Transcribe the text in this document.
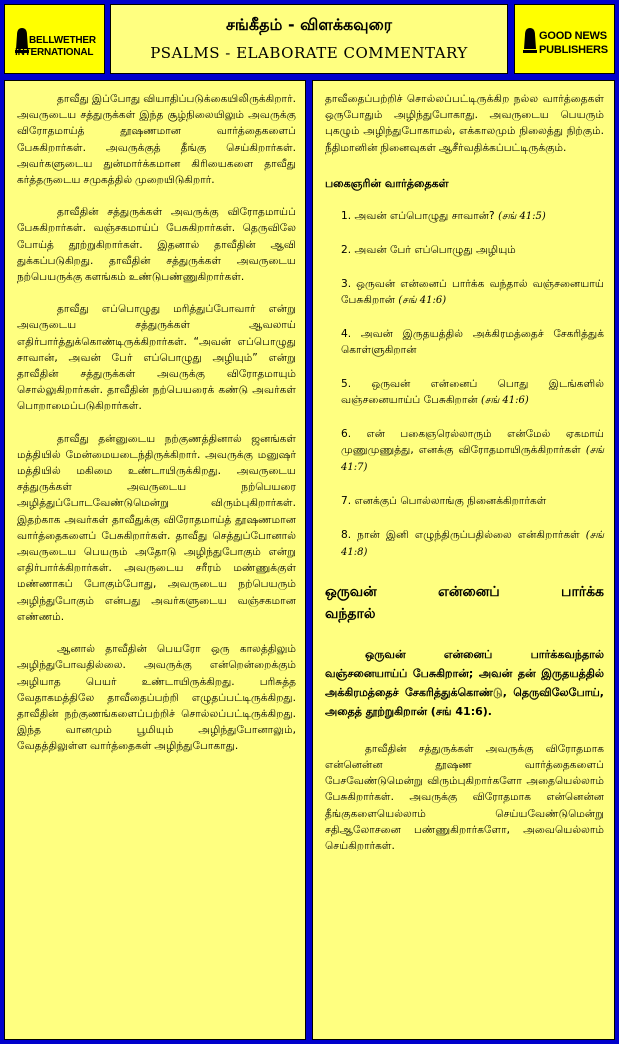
BELLWETHER
INTERNATIONAL
சங்கீதம் - விளக்கவுரை
PSALMS - ELABORATE COMMENTARY
GOOD NEWS
PUBLISHERS

தாவீது இப்போது வியாதிப்படுக்கையிலிருக்கிறார். அவருடைய சத்துருக்கள் இந்த சூழ்நிலையிலும் அவருக்கு விரோதமாய்த் தூஷணமான வார்த்தைகளைப் பேசுகிறார்கள். அவருக்குத் தீங்கு செய்கிறார்கள். அவர்களுடைய துன்மார்க்கமான கிரியைகளை தாவீது கர்த்தருடைய சமுகத்தில் முறையிடுகிறார்.

தாவீதின் சத்துருக்கள் அவருக்கு விரோதமாய்ப் பேசுகிறார்கள். வஞ்சகமாய்ப் பேசுகிறார்கள். தெருவிலே போய்த் தூற்றுகிறார்கள். இதனால் தாவீதின் ஆவி துக்கப்படுகிறது. தாவீதின் சத்துருக்கள் அவருடைய நற்பெயருக்கு களங்கம் உண்டுபண்ணுகிறார்கள்.

தாவீது எப்பொழுது மரித்துப்போவார் என்று அவருடைய சத்துருக்கள் ஆவலாய் எதிர்பார்த்துக்கொண்டிருக்கிறார்கள். “அவன் எப்பொழுது சாவான், அவன் பேர் எப்பொழுது அழியும்” என்று தாவீதின் சத்துருக்கள் அவருக்கு விரோதமாயும் சொல்லுகிறார்கள். தாவீதின் நற்பெயரைக் கண்டு அவர்கள் பொறாமைப்படுகிறார்கள்.

தாவீது தன்னுடைய நற்குணத்தினால் ஜனங்கள் மத்தியில் மேன்மையடைந்திருக்கிறார். அவருக்கு மனுஷர் மத்தியில் மகிமை உண்டாயிருக்கிறது. அவருடைய சத்துருக்கள் அவருடைய நற்பெயரை அழித்துப்போடவேண்டுமென்று விரும்புகிறார்கள். இதற்காக அவர்கள் தாவீதுக்கு விரோதமாய்த் தூஷணமான வார்த்தைகளைப் பேசுகிறார்கள். தாவீது செத்துப்போனால் அவருடைய பெயரும் அதோடு அழிந்துபோகும் என்று எதிர்பார்க்கிறார்கள். அவருடைய சரீரம் மண்ணுக்குள் மண்ணாகப் போகும்போது, அவருடைய நற்பெயரும் அழிந்துபோகும் என்பது அவர்களுடைய வஞ்சகமான எண்ணம்.

ஆனால் தாவீதின் பெயரோ ஒரு காலத்திலும் அழிந்துபோவதில்லை. அவருக்கு என்றென்றைக்கும் அழியாத பெயர் உண்டாயிருக்கிறது. பரிசுத்த வேதாகமத்திலே தாவீதைப்பற்றி எழுதப்பட்டிருக்கிறது. தாவீதின் நற்குணங்களைப்பற்றிச் சொல்லப்பட்டிருக்கிறது. இந்த வானமும் பூமியும் அழிந்துபோனாலும், வேதத்திலுள்ள வார்த்தைகள் அழிந்துபோகாது.

தாவீதைப்பற்றிச் சொல்லப்பட்டிருக்கிற நல்ல வார்த்தைகள் ஒருபோதும் அழிந்துபோகாது. அவருடைய பெயரும் புகழும் அழிந்துபோகாமல், எக்காலமும் நிலைத்து நிற்கும். நீதிமானின் நினைவுகள் ஆசீர்வதிக்கப்பட்டிருக்கும்.

பகைஞரின் வார்த்தைகள்
1. அவன் எப்பொழுது சாவான்? (சங் 41:5)
2. அவன் பேர் எப்பொழுது அழியும்
3. ஒருவன் என்னைப் பார்க்க வந்தால் வஞ்சனையாய் பேசுகிறான் (சங் 41:6)
4. அவன் இருதயத்தில் அக்கிரமத்தைச் சேகரித்துக் கொள்ளுகிறான்
5. ஒருவன் என்னைப் பொது இடங்களில் வஞ்சனையாய்ப் பேசுகிறான் (சங் 41:6)
6. என் பகைஞரெல்லாரும் என்மேல் ஏகமாய் முணுமுணுத்து, எனக்கு விரோதமாயிருக்கிறார்கள் (சங் 41:7)
7. எனக்குப் பொல்லாங்கு நினைக்கிறார்கள்
8. நான் இனி எழுந்திருப்பதில்லை என்கிறார்கள் (சங் 41:8)
ஒருவன் என்னைப் பார்க்க வந்தால்

ஒருவன் என்னைப் பார்க்கவந்தால் வஞ்சனையாய்ப் பேசுகிறான்; அவன் தன் இருதயத்தில் அக்கிரமத்தைச் சேகரித்துக்கொண்டு, தெருவிலேபோய், அதைத் தூற்றுகிறான் (சங் 41:6).

தாவீதின் சத்துருக்கள் அவருக்கு விரோதமாக என்னென்ன தூஷண வார்த்தைகளைப் பேசவேண்டுமென்று விரும்புகிறார்களோ அதையெல்லாம் பேசுகிறார்கள். அவருக்கு விரோதமாக என்னென்ன தீங்குகளையெல்லாம் செய்யவேண்டுமென்று சதிஆலோசனை பண்ணுகிறார்களோ, அவையெல்லாம் செய்கிறார்கள்.
